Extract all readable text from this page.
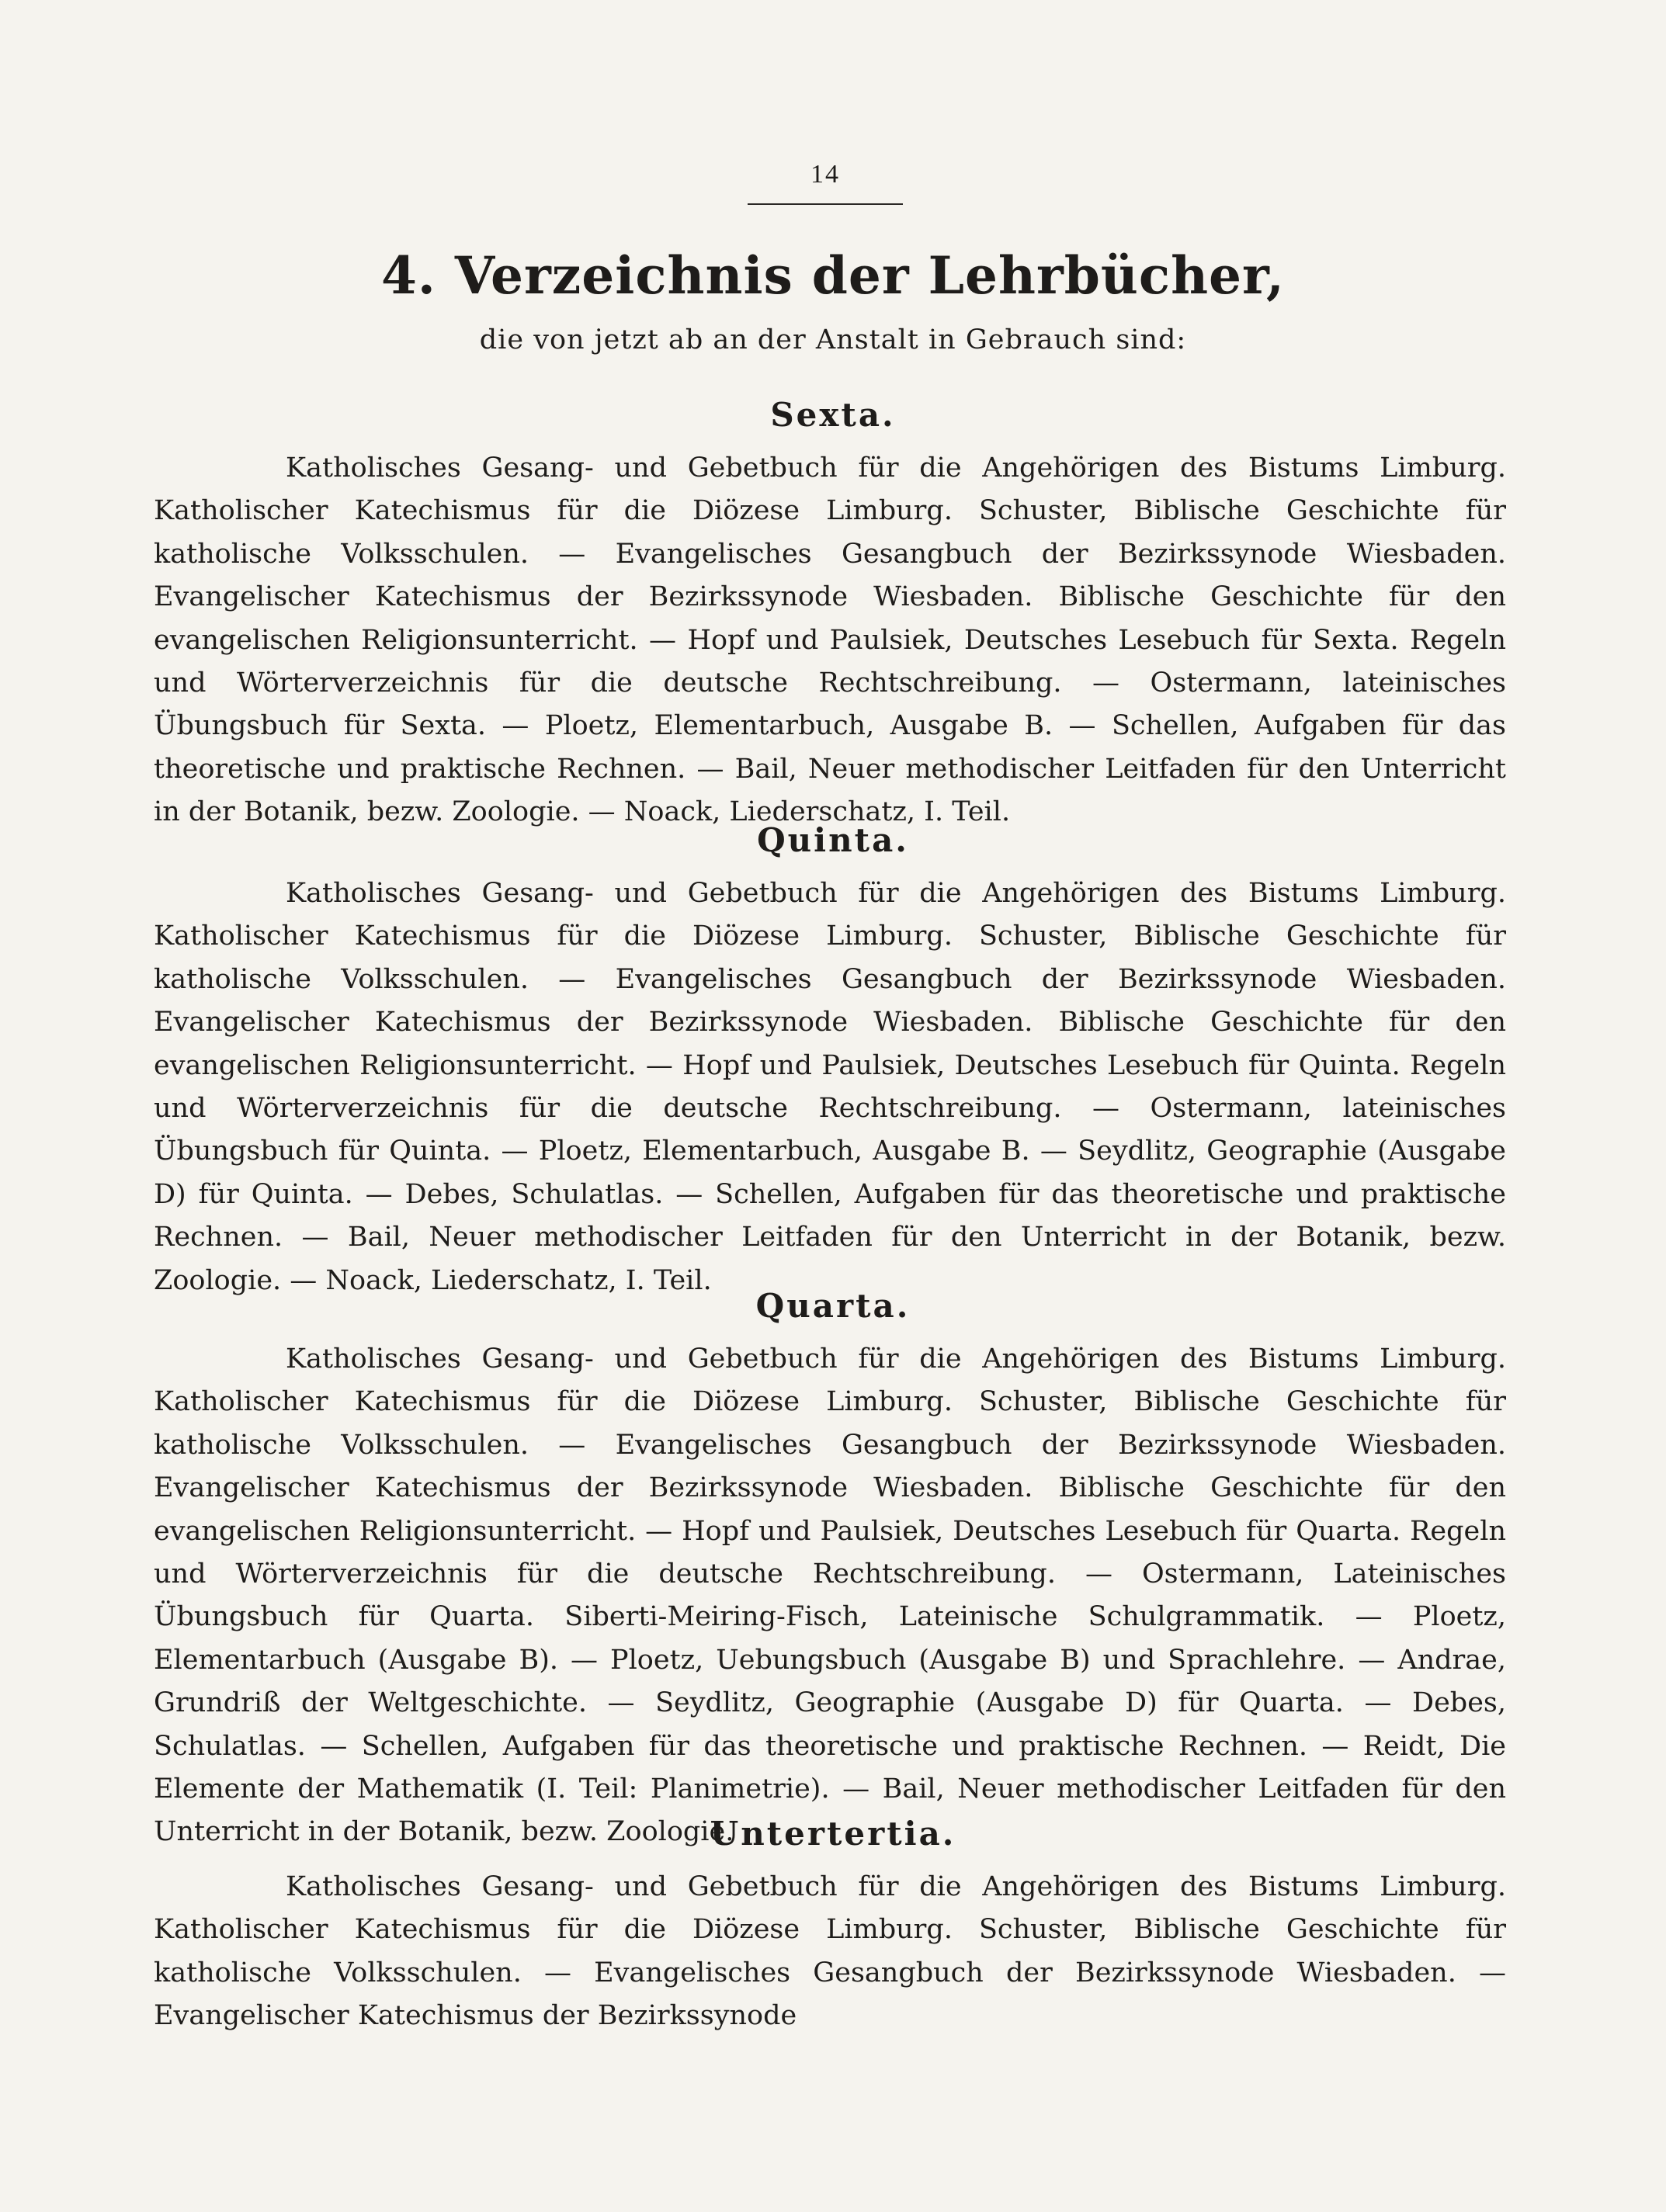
14
4. Verzeichnis der Lehrbücher,
die von jetzt ab an der Anstalt in Gebrauch sind:
Sexta.

Katholisches Gesang- und Gebetbuch für die Angehörigen des Bistums Limburg. Katholischer Katechismus für die Diözese Limburg. Schuster, Biblische Geschichte für katholische Volksschulen. — Evangelisches Gesangbuch der Bezirkssynode Wiesbaden. Evangelischer Katechismus der Bezirkssynode Wiesbaden. Biblische Geschichte für den evangelischen Religionsunterricht. — Hopf und Paulsiek, Deutsches Lesebuch für Sexta. Regeln und Wörterverzeichnis für die deutsche Rechtschreibung. — Ostermann, lateinisches Übungsbuch für Sexta. — Ploetz, Elementarbuch, Ausgabe B. — Schellen, Aufgaben für das theoretische und praktische Rechnen. — Bail, Neuer methodischer Leitfaden für den Unterricht in der Botanik, bezw. Zoologie. — Noack, Liederschatz, I. Teil.

Quinta.

Katholisches Gesang- und Gebetbuch für die Angehörigen des Bistums Limburg. Katholischer Katechismus für die Diözese Limburg. Schuster, Biblische Geschichte für katholische Volksschulen. — Evangelisches Gesangbuch der Bezirkssynode Wiesbaden. Evangelischer Katechismus der Bezirkssynode Wiesbaden. Biblische Geschichte für den evangelischen Religionsunterricht. — Hopf und Paulsiek, Deutsches Lesebuch für Quinta. Regeln und Wörterverzeichnis für die deutsche Rechtschreibung. — Ostermann, lateinisches Übungsbuch für Quinta. — Ploetz, Elementarbuch, Ausgabe B. — Seydlitz, Geographie (Ausgabe D) für Quinta. — Debes, Schulatlas. — Schellen, Aufgaben für das theoretische und praktische Rechnen. — Bail, Neuer methodischer Leitfaden für den Unterricht in der Botanik, bezw. Zoologie. — Noack, Liederschatz, I. Teil.

Quarta.

Katholisches Gesang- und Gebetbuch für die Angehörigen des Bistums Limburg. Katholischer Katechismus für die Diözese Limburg. Schuster, Biblische Geschichte für katholische Volksschulen. — Evangelisches Gesangbuch der Bezirkssynode Wiesbaden. Evangelischer Katechismus der Bezirkssynode Wiesbaden. Biblische Geschichte für den evangelischen Religionsunterricht. — Hopf und Paulsiek, Deutsches Lesebuch für Quarta. Regeln und Wörterverzeichnis für die deutsche Rechtschreibung. — Ostermann, Lateinisches Übungsbuch für Quarta. Siberti-Meiring-Fisch, Lateinische Schulgrammatik. — Ploetz, Elementarbuch (Ausgabe B). — Ploetz, Uebungsbuch (Ausgabe B) und Sprachlehre. — Andrae, Grundriß der Weltgeschichte. — Seydlitz, Geographie (Ausgabe D) für Quarta. — Debes, Schulatlas. — Schellen, Aufgaben für das theoretische und praktische Rechnen. — Reidt, Die Elemente der Mathematik (I. Teil: Planimetrie). — Bail, Neuer methodischer Leitfaden für den Unterricht in der Botanik, bezw. Zoologie.

Untertertia.

Katholisches Gesang- und Gebetbuch für die Angehörigen des Bistums Limburg. Katholischer Katechismus für die Diözese Limburg. Schuster, Biblische Geschichte für katholische Volksschulen. — Evangelisches Gesangbuch der Bezirkssynode Wiesbaden. — Evangelischer Katechismus der Bezirkssynode
